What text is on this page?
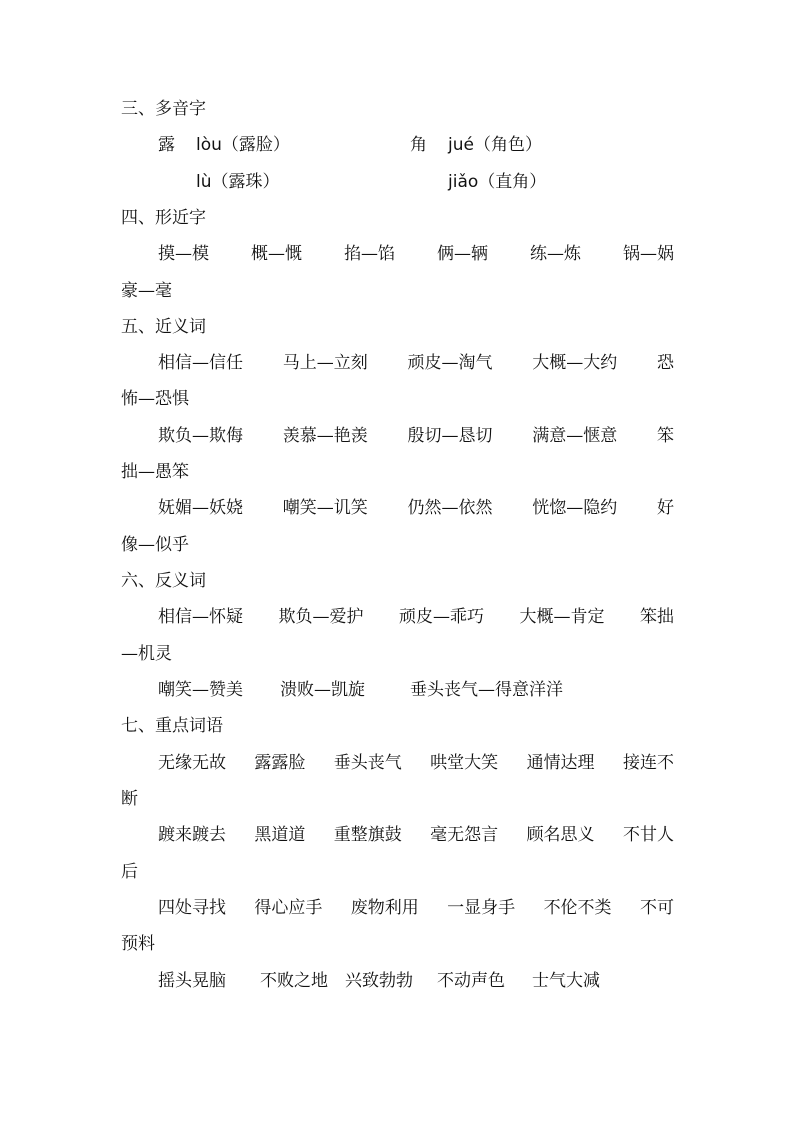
三、多音字
露 lòu（露脸）	角 jué（角色）
lù（露珠）	jiǎo（直角）
四、形近字
摸—模 概—慨 掐—馅 俩—辆 练—炼 锅—娲
豪—毫
五、近义词
相信—信任 马上—立刻 顽皮—淘气 大概—大约 恐
怖—恐惧
欺负—欺侮 羡慕—艳羡 殷切—恳切 满意—惬意 笨
拙—愚笨
妩媚—妖娆 嘲笑—讥笑 仍然—依然 恍惚—隐约 好
像—似乎
六、反义词
相信—怀疑 欺负—爱护 顽皮—乖巧 大概—肯定 笨拙
—机灵
嘲笑—赞美 溃败—凯旋	垂头丧气—得意洋洋
七、重点词语
无缘无故 露露脸 垂头丧气 哄堂大笑 通情达理 接连不
断
踱来踱去 黑道道 重整旗鼓 毫无怨言 顾名思义 不甘人
后
四处寻找 得心应手 废物利用 一显身手 不伦不类 不可
预料
摇头晃脑 不败之地 兴致勃勃 不动声色 士气大减
